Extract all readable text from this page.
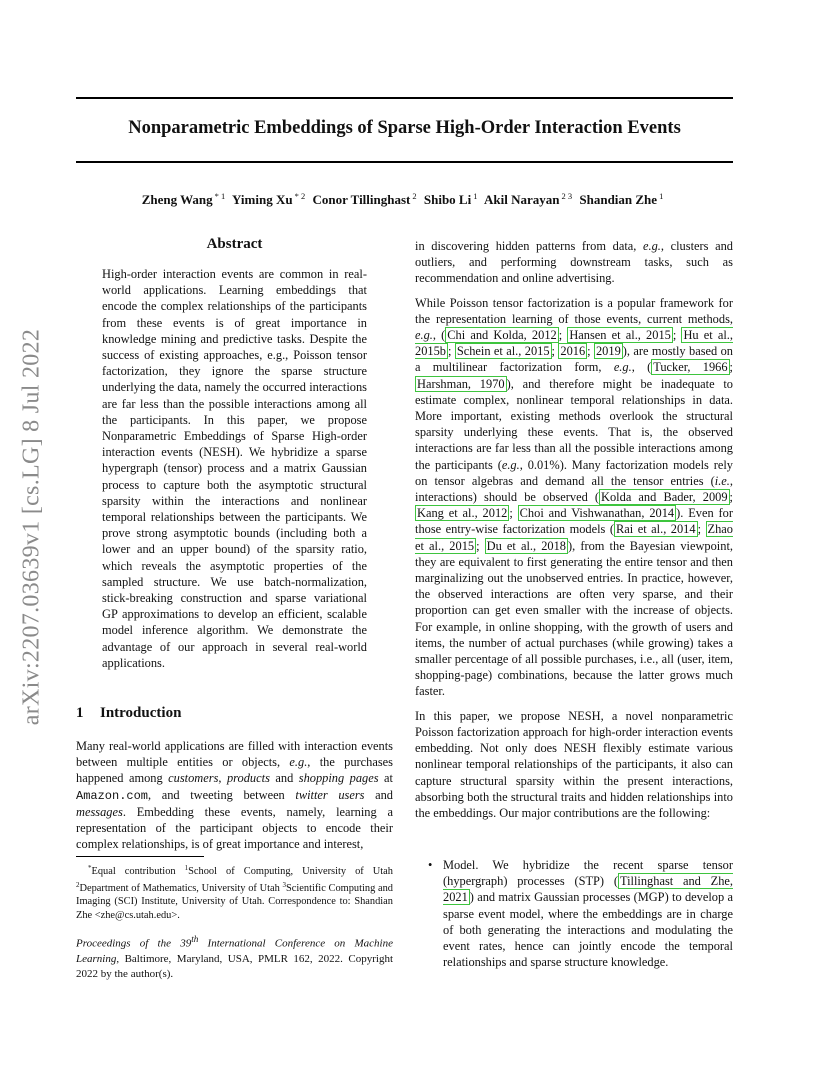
arXiv:2207.03639v1 [cs.LG] 8 Jul 2022
Nonparametric Embeddings of Sparse High-Order Interaction Events
Zheng Wang $^{* 1}$ Yiming Xu $^{* 2}$ Conor Tillinghast $^2$ Shibo Li $^1$ Akil Narayan $^{2 3}$ Shandian Zhe $^1$
Abstract

High-order interaction events are common in real-world applications. Learning embeddings that encode the complex relationships of the participants from these events is of great importance in knowledge mining and predictive tasks. Despite the success of existing approaches, e.g., Poisson tensor factorization, they ignore the sparse structure underlying the data, namely the occurred interactions are far less than the possible interactions among all the participants. In this paper, we propose Nonparametric Embeddings of Sparse High-order interaction events (NESH). We hybridize a sparse hypergraph (tensor) process and a matrix Gaussian process to capture both the asymptotic structural sparsity within the interactions and nonlinear temporal relationships between the participants. We prove strong asymptotic bounds (including both a lower and an upper bound) of the sparsity ratio, which reveals the asymptotic properties of the sampled structure. We use batch-normalization, stick-breaking construction and sparse variational GP approximations to develop an efficient, scalable model inference algorithm. We demonstrate the advantage of our approach in several real-world applications.

1 Introduction

Many real-world applications are filled with interaction events between multiple entities or objects, e.g., the purchases happened among customers, products and shopping pages at Amazon.com, and tweeting between twitter users and messages. Embedding these events, namely, learning a representation of the participant objects to encode their complex relationships, is of great importance and interest,

*Equal contribution $^1$School of Computing, University of Utah $^2$Department of Mathematics, University of Utah $^3$Scientific Computing and Imaging (SCI) Institute, University of Utah. Correspondence to: Shandian Zhe <zhe@cs.utah.edu>.
Proceedings of the 39th International Conference on Machine Learning, Baltimore, Maryland, USA, PMLR 162, 2022. Copyright 2022 by the author(s).

in discovering hidden patterns from data, e.g., clusters and outliers, and performing downstream tasks, such as recommendation and online advertising.

While Poisson tensor factorization is a popular framework for the representation learning of those events, current methods, e.g., ( Chi and Kolda, 2012 ; Hansen et al., 2015 ; Hu et al., 2015b ; Schein et al., 2015 ; 2016 ; 2019 ), are mostly based on a multilinear factorization form, e.g., ( Tucker, 1966 ; Harshman, 1970 ), and therefore might be inadequate to estimate complex, nonlinear temporal relationships in data. More important, existing methods overlook the structural sparsity underlying these events. That is, the observed interactions are far less than all the possible interactions among the participants (e.g., 0.01%). Many factorization models rely on tensor algebras and demand all the tensor entries (i.e., interactions) should be observed ( Kolda and Bader, 2009 ; Kang et al., 2012 ; Choi and Vishwanathan, 2014 ). Even for those entry-wise factorization models ( Rai et al., 2014 ; Zhao et al., 2015 ; Du et al., 2018 ), from the Bayesian viewpoint, they are equivalent to first generating the entire tensor and then marginalizing out the unobserved entries. In practice, however, the observed interactions are often very sparse, and their proportion can get even smaller with the increase of objects. For example, in online shopping, with the growth of users and items, the number of actual purchases (while growing) takes a smaller percentage of all possible purchases, i.e., all (user, item, shopping-page) combinations, because the latter grows much faster.

In this paper, we propose NESH, a novel nonparametric Poisson factorization approach for high-order interaction events embedding. Not only does NESH flexibly estimate various nonlinear temporal relationships of the participants, it also can capture structural sparsity within the present interactions, absorbing both the structural traits and hidden relationships into the embeddings. Our major contributions are the following:

• Model. We hybridize the recent sparse tensor (hypergraph) processes (STP) ( Tillinghast and Zhe, 2021 ) and matrix Gaussian processes (MGP) to develop a sparse event model, where the embeddings are in charge of both generating the interactions and modulating the event rates, hence can jointly encode the temporal relationships and sparse structure knowledge.
